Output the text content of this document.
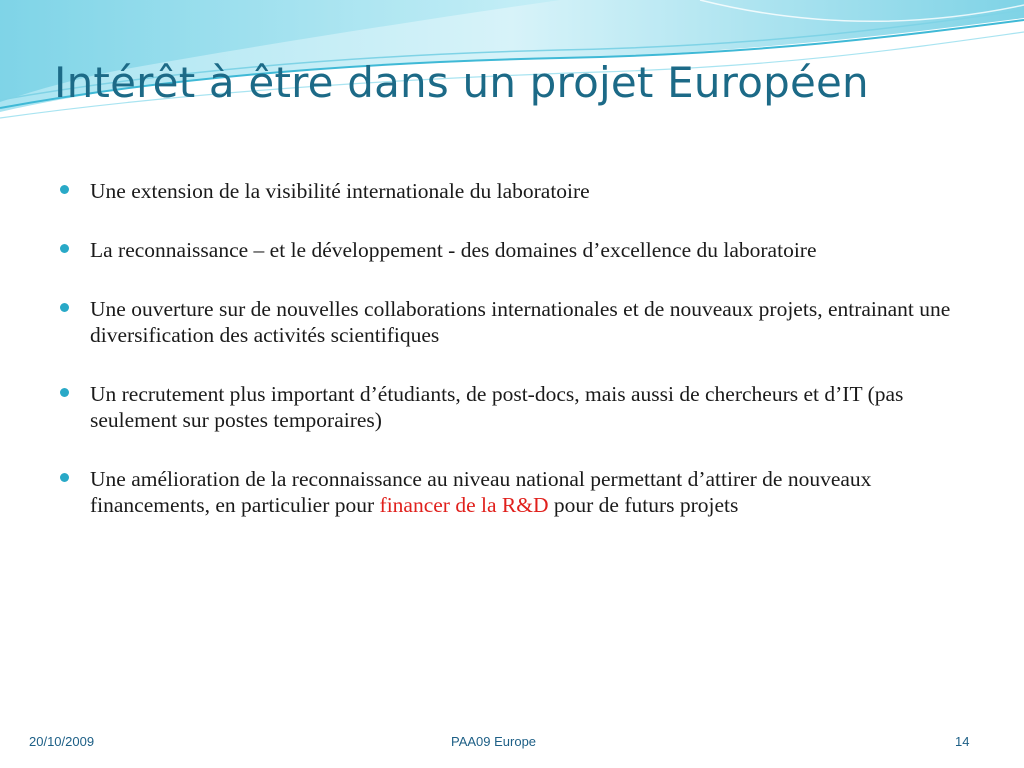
Intérêt à être dans un projet Européen
Une extension de la visibilité internationale du laboratoire
La reconnaissance – et le développement - des domaines d’excellence du laboratoire
Une ouverture sur de nouvelles collaborations internationales et de nouveaux projets, entrainant une diversification des activités scientifiques
Un recrutement plus important d’étudiants, de post-docs, mais aussi de chercheurs et d’IT (pas seulement sur postes temporaires)
Une amélioration de la reconnaissance au niveau national permettant d’attirer de nouveaux financements, en particulier pour financer de la R&D pour de futurs projets
20/10/2009	PAA09 Europe	14
